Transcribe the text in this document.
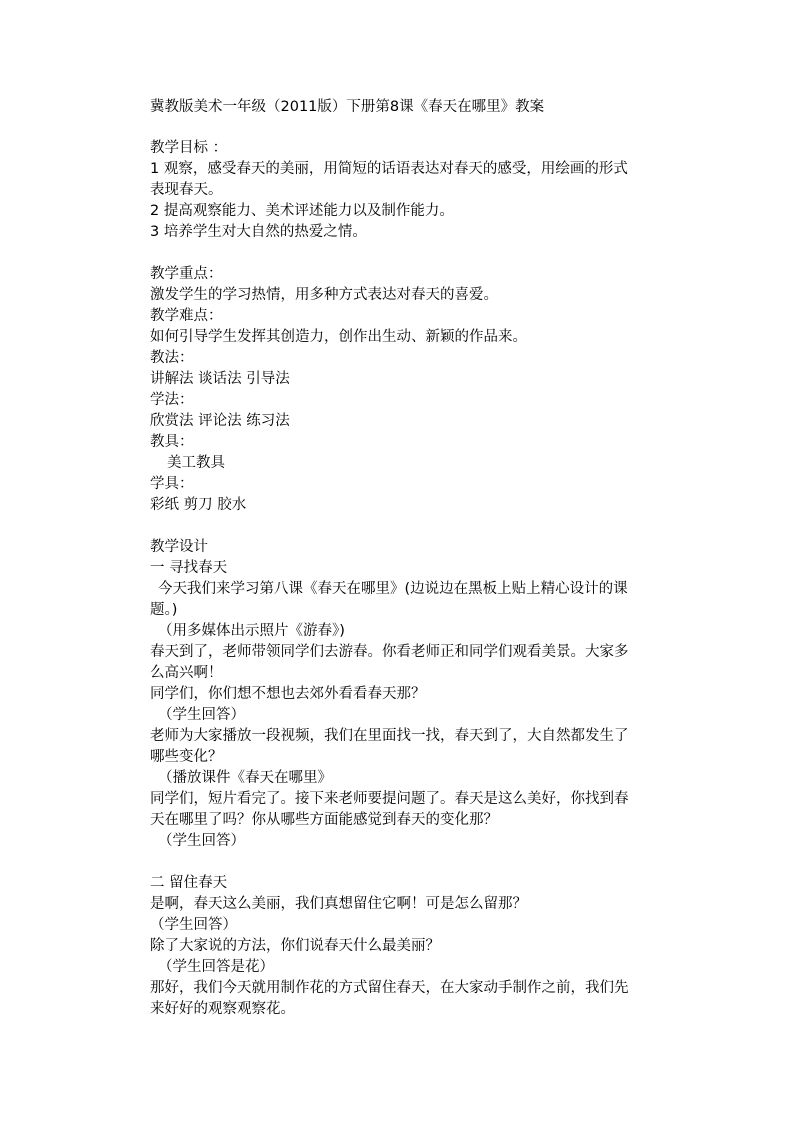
冀教版美术一年级（2011版）下册第8课《春天在哪里》教案
教学目标 ：
1 观察，感受春天的美丽，用简短的话语表达对春天的感受，用绘画的形式
表现春天。
2 提高观察能力、美术评述能力以及制作能力。
3 培养学生对大自然的热爱之情。
教学重点：
激发学生的学习热情，用多种方式表达对春天的喜爱。
教学难点：
如何引导学生发挥其创造力，创作出生动、新颖的作品来。
教法：
讲解法 谈话法 引导法
学法：
欣赏法 评论法 练习法
教具：
美工教具
学具：
彩纸 剪刀 胶水
教学设计
一 寻找春天
今天我们来学习第八课《春天在哪里》(边说边在黑板上贴上精心设计的课
题。)
（用多媒体出示照片《游春》)
春天到了，老师带领同学们去游春。你看老师正和同学们观看美景。大家多
么高兴啊！
同学们，你们想不想也去郊外看看春天那？
（学生回答）
老师为大家播放一段视频，我们在里面找一找，春天到了，大自然都发生了
哪些变化？
（播放课件《春天在哪里》
同学们，短片看完了。接下来老师要提问题了。春天是这么美好，你找到春
天在哪里了吗？你从哪些方面能感觉到春天的变化那？
（学生回答）
二 留住春天
是啊，春天这么美丽，我们真想留住它啊！可是怎么留那？
（学生回答）
除了大家说的方法，你们说春天什么最美丽？
（学生回答是花）
那好，我们今天就用制作花的方式留住春天，在大家动手制作之前，我们先
来好好的观察观察花。
